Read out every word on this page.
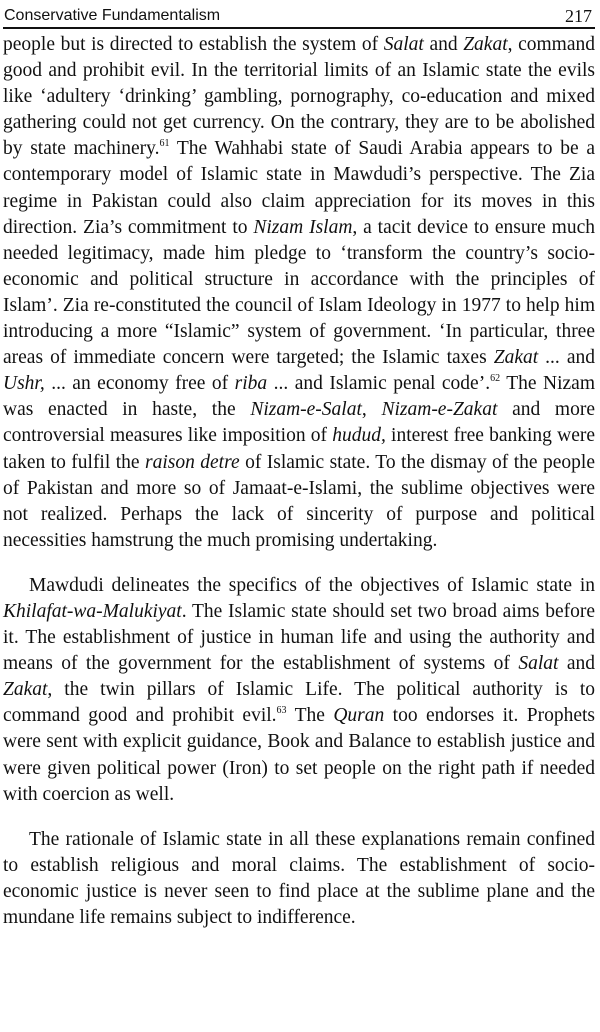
Conservative Fundamentalism	217

people but is directed to establish the system of Salat and Zakat, command good and prohibit evil. In the territorial limits of an Islamic state the evils like ‘adultery ‘drinking’ gambling, pornography, co-education and mixed gathering could not get currency. On the contrary, they are to be abolished by state machinery.$^{61}$ The Wahhabi state of Saudi Arabia appears to be a contemporary model of Islamic state in Mawdudi’s perspective. The Zia regime in Pakistan could also claim appreciation for its moves in this direction. Zia’s commitment to Nizam Islam, a tacit device to ensure much needed legitimacy, made him pledge to ‘transform the country’s socio-economic and political structure in accordance with the principles of Islam’. Zia re-constituted the council of Islam Ideology in 1977 to help him introducing a more “Islamic” system of government. ‘In particular, three areas of immediate concern were targeted; the Islamic taxes Zakat ... and Ushr, ... an economy free of riba ... and Islamic penal code’.$^{62}$ The Nizam was enacted in haste, the Nizam-e-Salat, Nizam-e-Zakat and more controversial measures like imposition of hudud, interest free banking were taken to fulfil the raison detre of Islamic state. To the dismay of the people of Pakistan and more so of Jamaat-e-Islami, the sublime objectives were not realized. Perhaps the lack of sincerity of purpose and political necessities hamstrung the much promising undertaking.

Mawdudi delineates the specifics of the objectives of Islamic state in Khilafat-wa-Malukiyat. The Islamic state should set two broad aims before it. The establishment of justice in human life and using the authority and means of the government for the establishment of systems of Salat and Zakat, the twin pillars of Islamic Life. The political authority is to command good and prohibit evil.$^{63}$ The Quran too endorses it. Prophets were sent with explicit guidance, Book and Balance to establish justice and were given political power (Iron) to set people on the right path if needed with coercion as well.

The rationale of Islamic state in all these explanations remain confined to establish religious and moral claims. The establishment of socio-economic justice is never seen to find place at the sublime plane and the mundane life remains subject to indifference.
